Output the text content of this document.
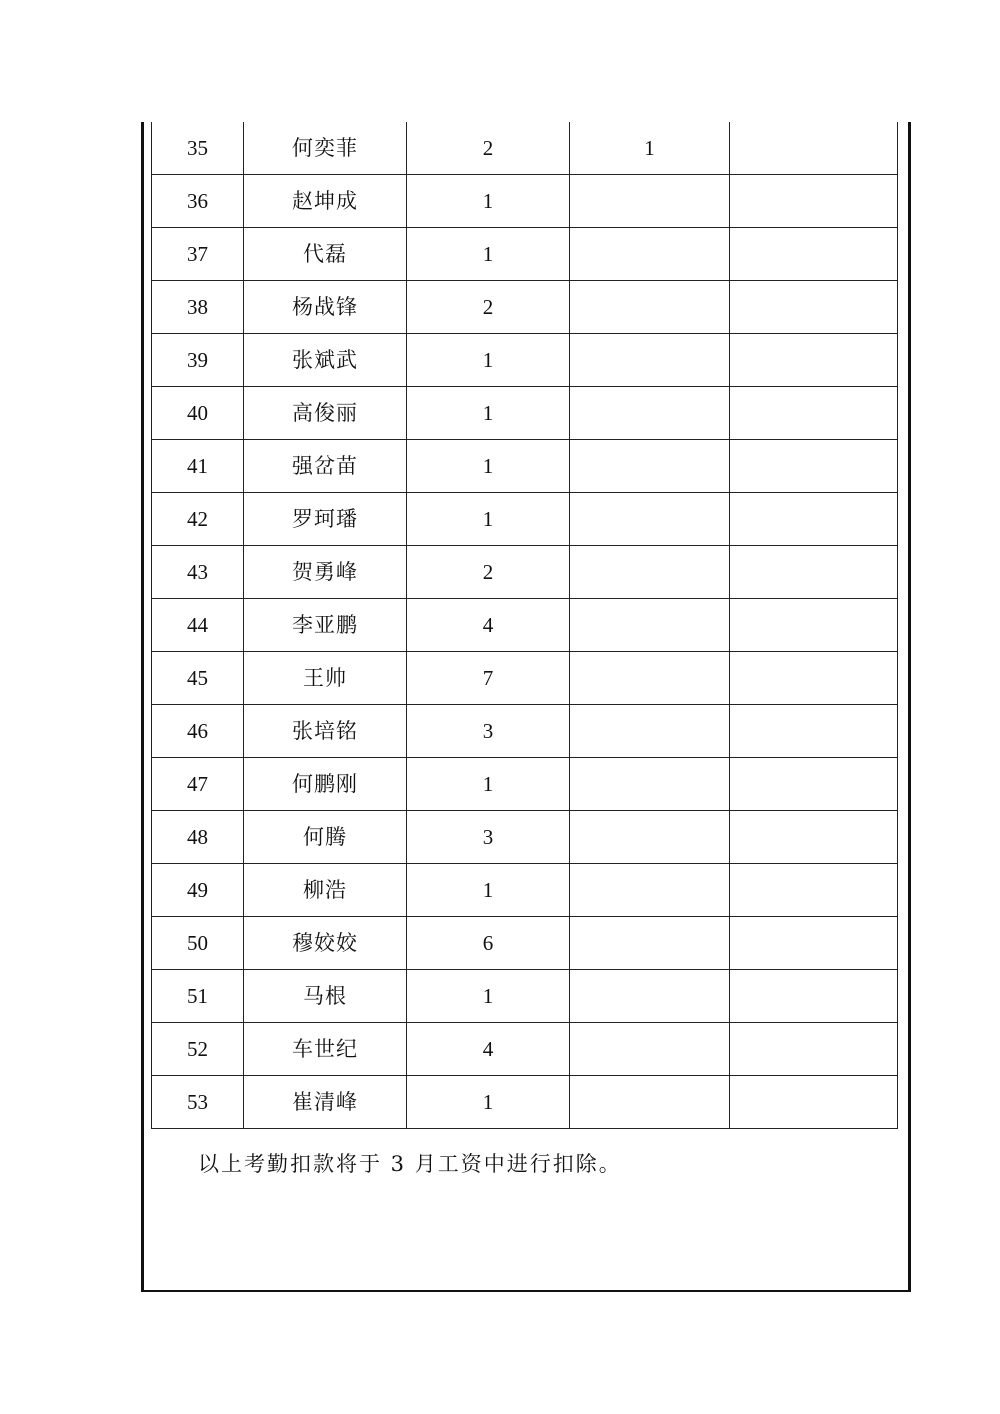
35	何奕菲	2	1	
36	赵坤成	1		
37	代磊	1		
38	杨战锋	2		
39	张斌武	1		
40	高俊丽	1		
41	强岔苗	1		
42	罗珂璠	1		
43	贺勇峰	2		
44	李亚鹏	4		
45	王帅	7		
46	张培铭	3		
47	何鹏刚	1		
48	何腾	3		
49	柳浩	1		
50	穆姣姣	6		
51	马根	1		
52	车世纪	4		
53	崔清峰	1		
以上考勤扣款将于 3 月工资中进行扣除。
